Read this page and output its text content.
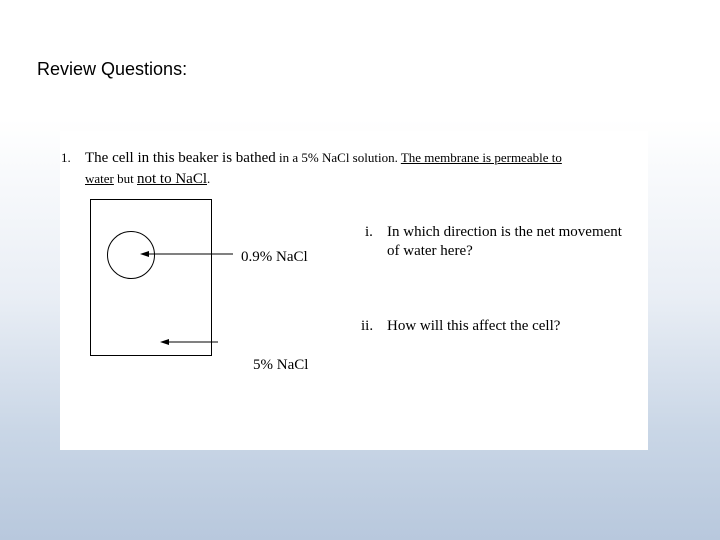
Review Questions:
1. The cell in this beaker is bathed in a 5% NaCl solution. The membrane is permeable to
water but not to NaCl.
0.9% NaCl
5% NaCl
i. In which direction is the net movement
of water here?
ii. How will this affect the cell?
